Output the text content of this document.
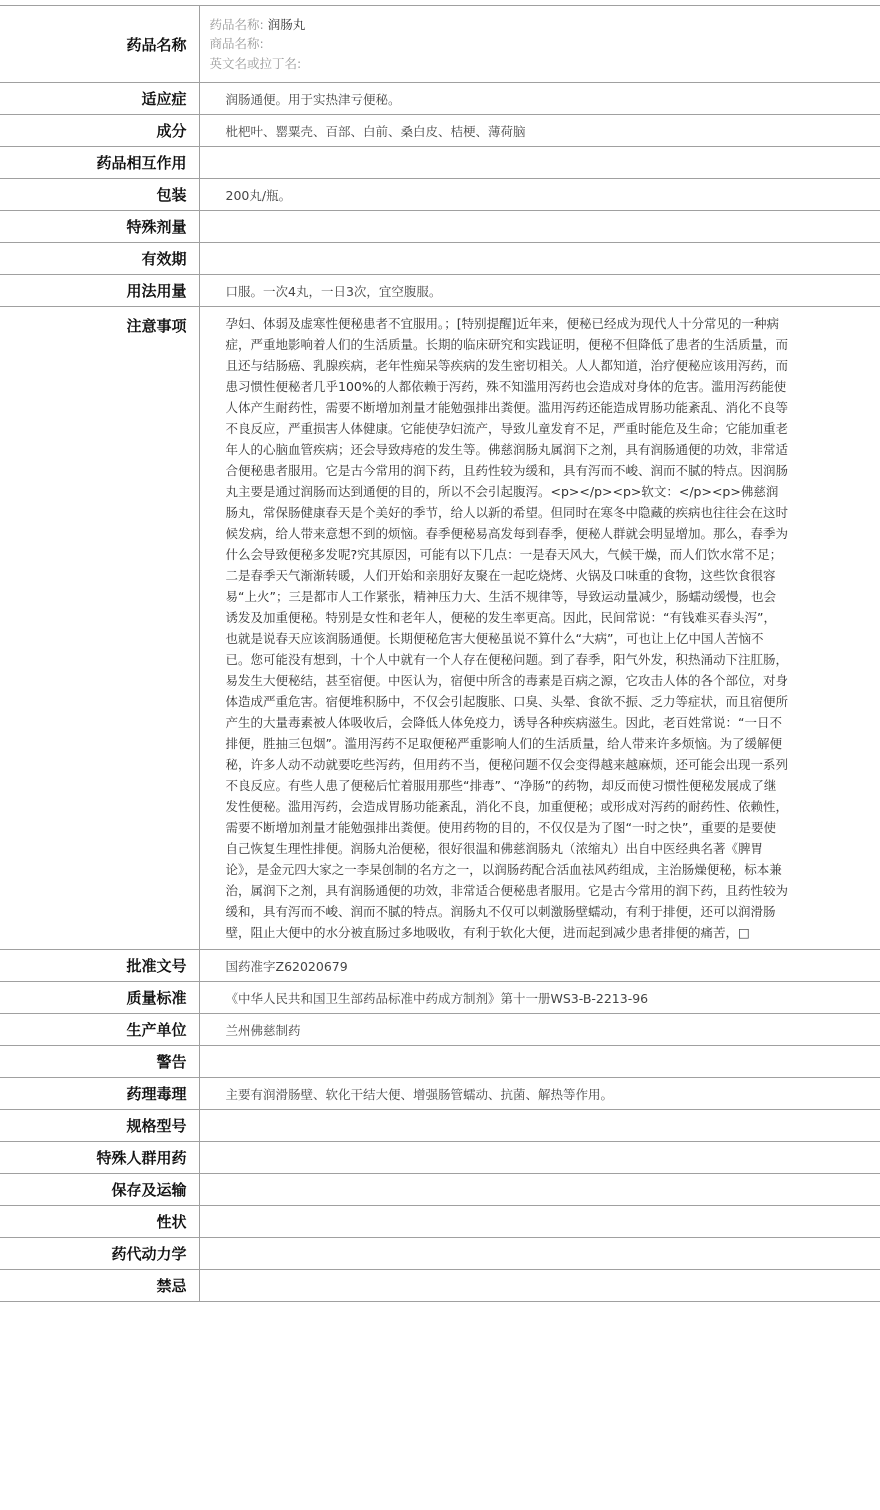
药品名称	药品名称: 润肠丸
商品名称:
英文名或拉丁名:

适应症	润肠通便。用于实热津亏便秘。
成分	枇杷叶、罂粟壳、百部、白前、桑白皮、桔梗、薄荷脑
药品相互作用	
包装	200丸/瓶。
特殊剂量	
有效期	
用法用量	口服。一次4丸，一日3次，宜空腹服。
注意事项	孕妇、体弱及虚寒性便秘患者不宜服用。；[特别提醒]近年来，便秘已经成为现代人十分常见的一种病症，严重地影响着人们的生活质量。长期的临床研究和实践证明，便秘不但降低了患者的生活质量，而且还与结肠癌、乳腺疾病，老年性痴呆等疾病的发生密切相关。人人都知道，治疗便秘应该用泻药，而患习惯性便秘者几乎100%的人都依赖于泻药，殊不知滥用泻药也会造成对身体的危害。滥用泻药能使人体产生耐药性，需要不断增加剂量才能勉强排出粪便。滥用泻药还能造成胃肠功能紊乱、消化不良等不良反应，严重损害人体健康。它能使孕妇流产，导致儿童发育不足，严重时能危及生命；它能加重老年人的心脑血管疾病；还会导致痔疮的发生等。佛慈润肠丸属润下之剂，具有润肠通便的功效，非常适合便秘患者服用。它是古今常用的润下药，且药性较为缓和，具有泻而不峻、润而不腻的特点。因润肠丸主要是通过润肠而达到通便的目的，所以不会引起腹泻。<p></p><p>软文：</p><p>佛慈润肠丸，常保肠健康春天是个美好的季节，给人以新的希望。但同时在寒冬中隐藏的疾病也往往会在这时候发病，给人带来意想不到的烦恼。春季便秘易高发每到春季，便秘人群就会明显增加。那么，春季为什么会导致便秘多发呢?究其原因，可能有以下几点：一是春天风大，气候干燥，而人们饮水常不足；二是春季天气渐渐转暖，人们开始和亲朋好友聚在一起吃烧烤、火锅及口味重的食物，这些饮食很容易“上火”；三是都市人工作紧张，精神压力大、生活不规律等，导致运动量减少，肠蠕动缓慢，也会诱发及加重便秘。特别是女性和老年人，便秘的发生率更高。因此，民间常说：“有钱难买春头泻”，也就是说春天应该润肠通便。长期便秘危害大便秘虽说不算什么“大病”，可也让上亿中国人苦恼不已。您可能没有想到，十个人中就有一个人存在便秘问题。到了春季，阳气外发，积热涌动下注肛肠，易发生大便秘结，甚至宿便。中医认为，宿便中所含的毒素是百病之源，它攻击人体的各个部位，对身体造成严重危害。宿便堆积肠中，不仅会引起腹胀、口臭、头晕、食欲不振、乏力等症状，而且宿便所产生的大量毒素被人体吸收后，会降低人体免疫力，诱导各种疾病滋生。因此，老百姓常说：“一日不排便，胜抽三包烟”。滥用泻药不足取便秘严重影响人们的生活质量，给人带来许多烦恼。为了缓解便秘，许多人动不动就要吃些泻药，但用药不当，便秘问题不仅会变得越来越麻烦，还可能会出现一系列不良反应。有些人患了便秘后忙着服用那些“排毒”、“净肠”的药物，却反而使习惯性便秘发展成了继发性便秘。滥用泻药，会造成胃肠功能紊乱，消化不良，加重便秘；或形成对泻药的耐药性、依赖性，需要不断增加剂量才能勉强排出粪便。使用药物的目的，不仅仅是为了图“一时之快”，重要的是要使自己恢复生理性排便。润肠丸治便秘，很好很温和佛慈润肠丸（浓缩丸）出自中医经典名著《脾胃论》，是金元四大家之一李杲创制的名方之一，以润肠药配合活血祛风药组成，主治肠燥便秘，标本兼治，属润下之剂，具有润肠通便的功效，非常适合便秘患者服用。它是古今常用的润下药，且药性较为缓和，具有泻而不峻、润而不腻的特点。润肠丸不仅可以刺激肠壁蠕动，有利于排便，还可以润滑肠壁，阻止大便中的水分被直肠过多地吸收，有利于软化大便，进而起到减少患者排便的痛苦，□
批准文号	国药准字Z62020679
质量标准	《中华人民共和国卫生部药品标准中药成方制剂》第十一册WS3-B-2213-96
生产单位	兰州佛慈制药
警告	
药理毒理	主要有润滑肠壁、软化干结大便、增强肠管蠕动、抗菌、解热等作用。
规格型号	
特殊人群用药	
保存及运输	
性状	
药代动力学	
禁忌	
